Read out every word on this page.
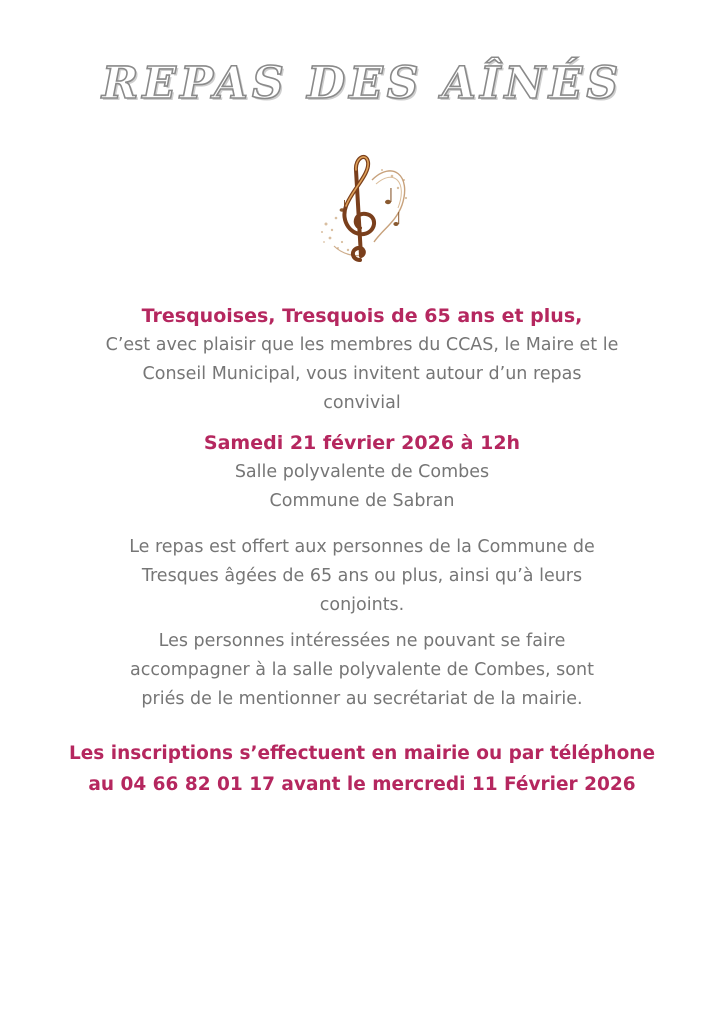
REPAS DES AÎNÉS
Tresquoises, Tresquois de 65 ans et plus,
C’est avec plaisir que les membres du CCAS, le Maire et le
Conseil Municipal, vous invitent autour d’un repas
convivial
Samedi 21 février 2026 à 12h
Salle polyvalente de Combes
Commune de Sabran
Le repas est offert aux personnes de la Commune de
Tresques âgées de 65 ans ou plus, ainsi qu’à leurs
conjoints.
Les personnes intéressées ne pouvant se faire
accompagner à la salle polyvalente de Combes, sont
priés de le mentionner au secrétariat de la mairie.
Les inscriptions s’effectuent en mairie ou par téléphone
au 04 66 82 01 17 avant le mercredi 11 Février 2026
